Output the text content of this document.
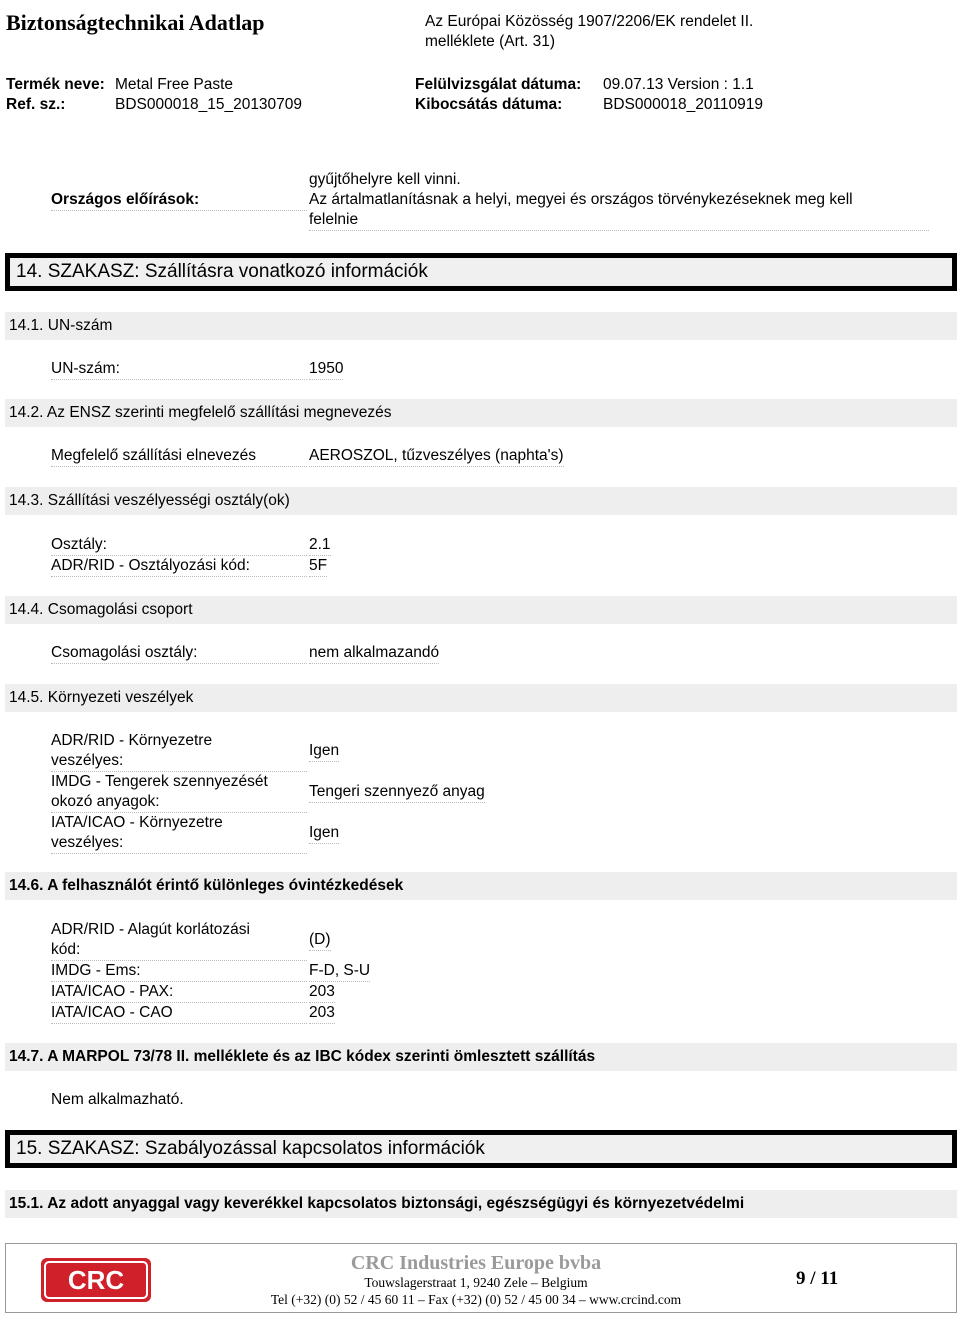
Biztonságtechnikai Adatlap	Az Európai Közösség 1907/2206/EK rendelet II.
melléklete (Art. 31)
Termék neve: Metal Free Paste
Ref. sz.:	BDS000018_15_20130709
Felülvizsgálat dátuma: 09.07.13 Version : 1.1
Kibocsátás dátuma:	BDS000018_20110919
Országos előírások:
gyűjtőhelyre kell vinni.
Az ártalmatlanításnak a helyi, megyei és országos törvénykezéseknek meg kell
felelnie
14. SZAKASZ: Szállításra vonatkozó információk
14.1. UN-szám
UN-szám:	1950
14.2. Az ENSZ szerinti megfelelő szállítási megnevezés
Megfelelő szállítási elnevezés	AEROSZOL, tűzveszélyes (naphta's)
14.3. Szállítási veszélyességi osztály(ok)
Osztály:	2.1
ADR/RID - Osztályozási kód:	5F
14.4. Csomagolási csoport
Csomagolási osztály:	nem alkalmazandó
14.5. Környezeti veszélyek
ADR/RID - Környezetre
veszélyes:
Igen
IMDG - Tengerek szennyezését
okozó anyagok:
Tengeri szennyező anyag
IATA/ICAO - Környezetre
veszélyes:
Igen
14.6. A felhasználót érintő különleges óvintézkedések
ADR/RID - Alagút korlátozási
kód:
(D)
IMDG - Ems:	F-D, S-U
IATA/ICAO - PAX:	203
IATA/ICAO - CAO	203
14.7. A MARPOL 73/78 II. melléklete és az IBC kódex szerinti ömlesztett szállítás
Nem alkalmazható.
15. SZAKASZ: Szabályozással kapcsolatos információk
15.1. Az adott anyaggal vagy keverékkel kapcsolatos biztonsági, egészségügyi és környezetvédelmi
CRC
CRC Industries Europe bvba
Touwslagerstraat 1, 9240 Zele – Belgium
Tel (+32) (0) 52 / 45 60 11 – Fax (+32) (0) 52 / 45 00 34 – www.crcind.com
9 / 11
